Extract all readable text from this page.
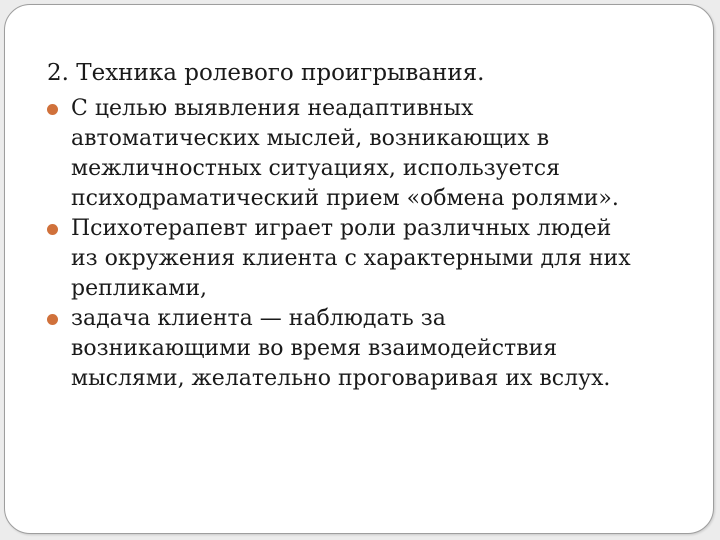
2. Техника ролевого проигрывания.
С целью выявления неадаптивных
автоматических мыслей, возникающих в
межличностных ситуациях, используется
психодраматический прием «обмена ролями».
Психотерапевт играет роли различных людей
из окружения клиента с характерными для них
репликами,
задача клиента — наблюдать за
возникающими во время взаимодействия
мыслями, желательно проговаривая их вслух.
